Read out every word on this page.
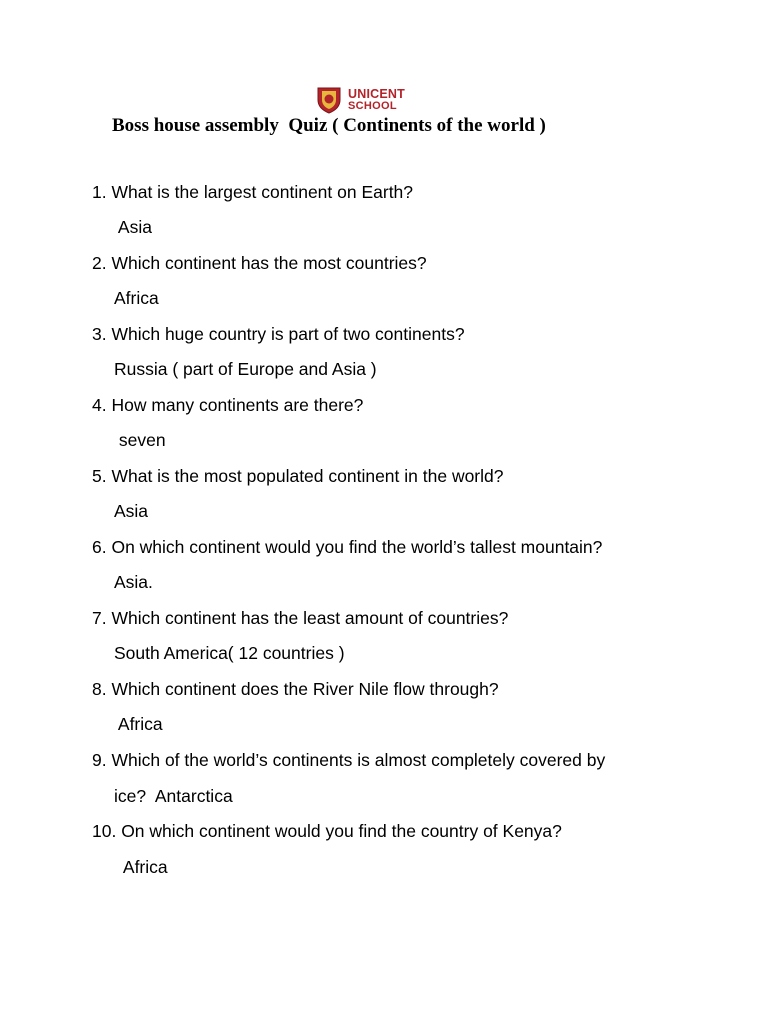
UNICENT
SCHOOL
Boss house assembly  Quiz ( Continents of the world )
1. What is the largest continent on Earth?
Asia
2. Which continent has the most countries?
Africa
3. Which huge country is part of two continents?
Russia ( part of Europe and Asia )
4. How many continents are there?
seven
5. What is the most populated continent in the world?
Asia
6. On which continent would you find the world’s tallest mountain?
Asia.
7. Which continent has the least amount of countries?
South America( 12 countries )
8. Which continent does the River Nile flow through?
Africa
9. Which of the world’s continents is almost completely covered by
ice?  Antarctica
10. On which continent would you find the country of Kenya?
Africa
